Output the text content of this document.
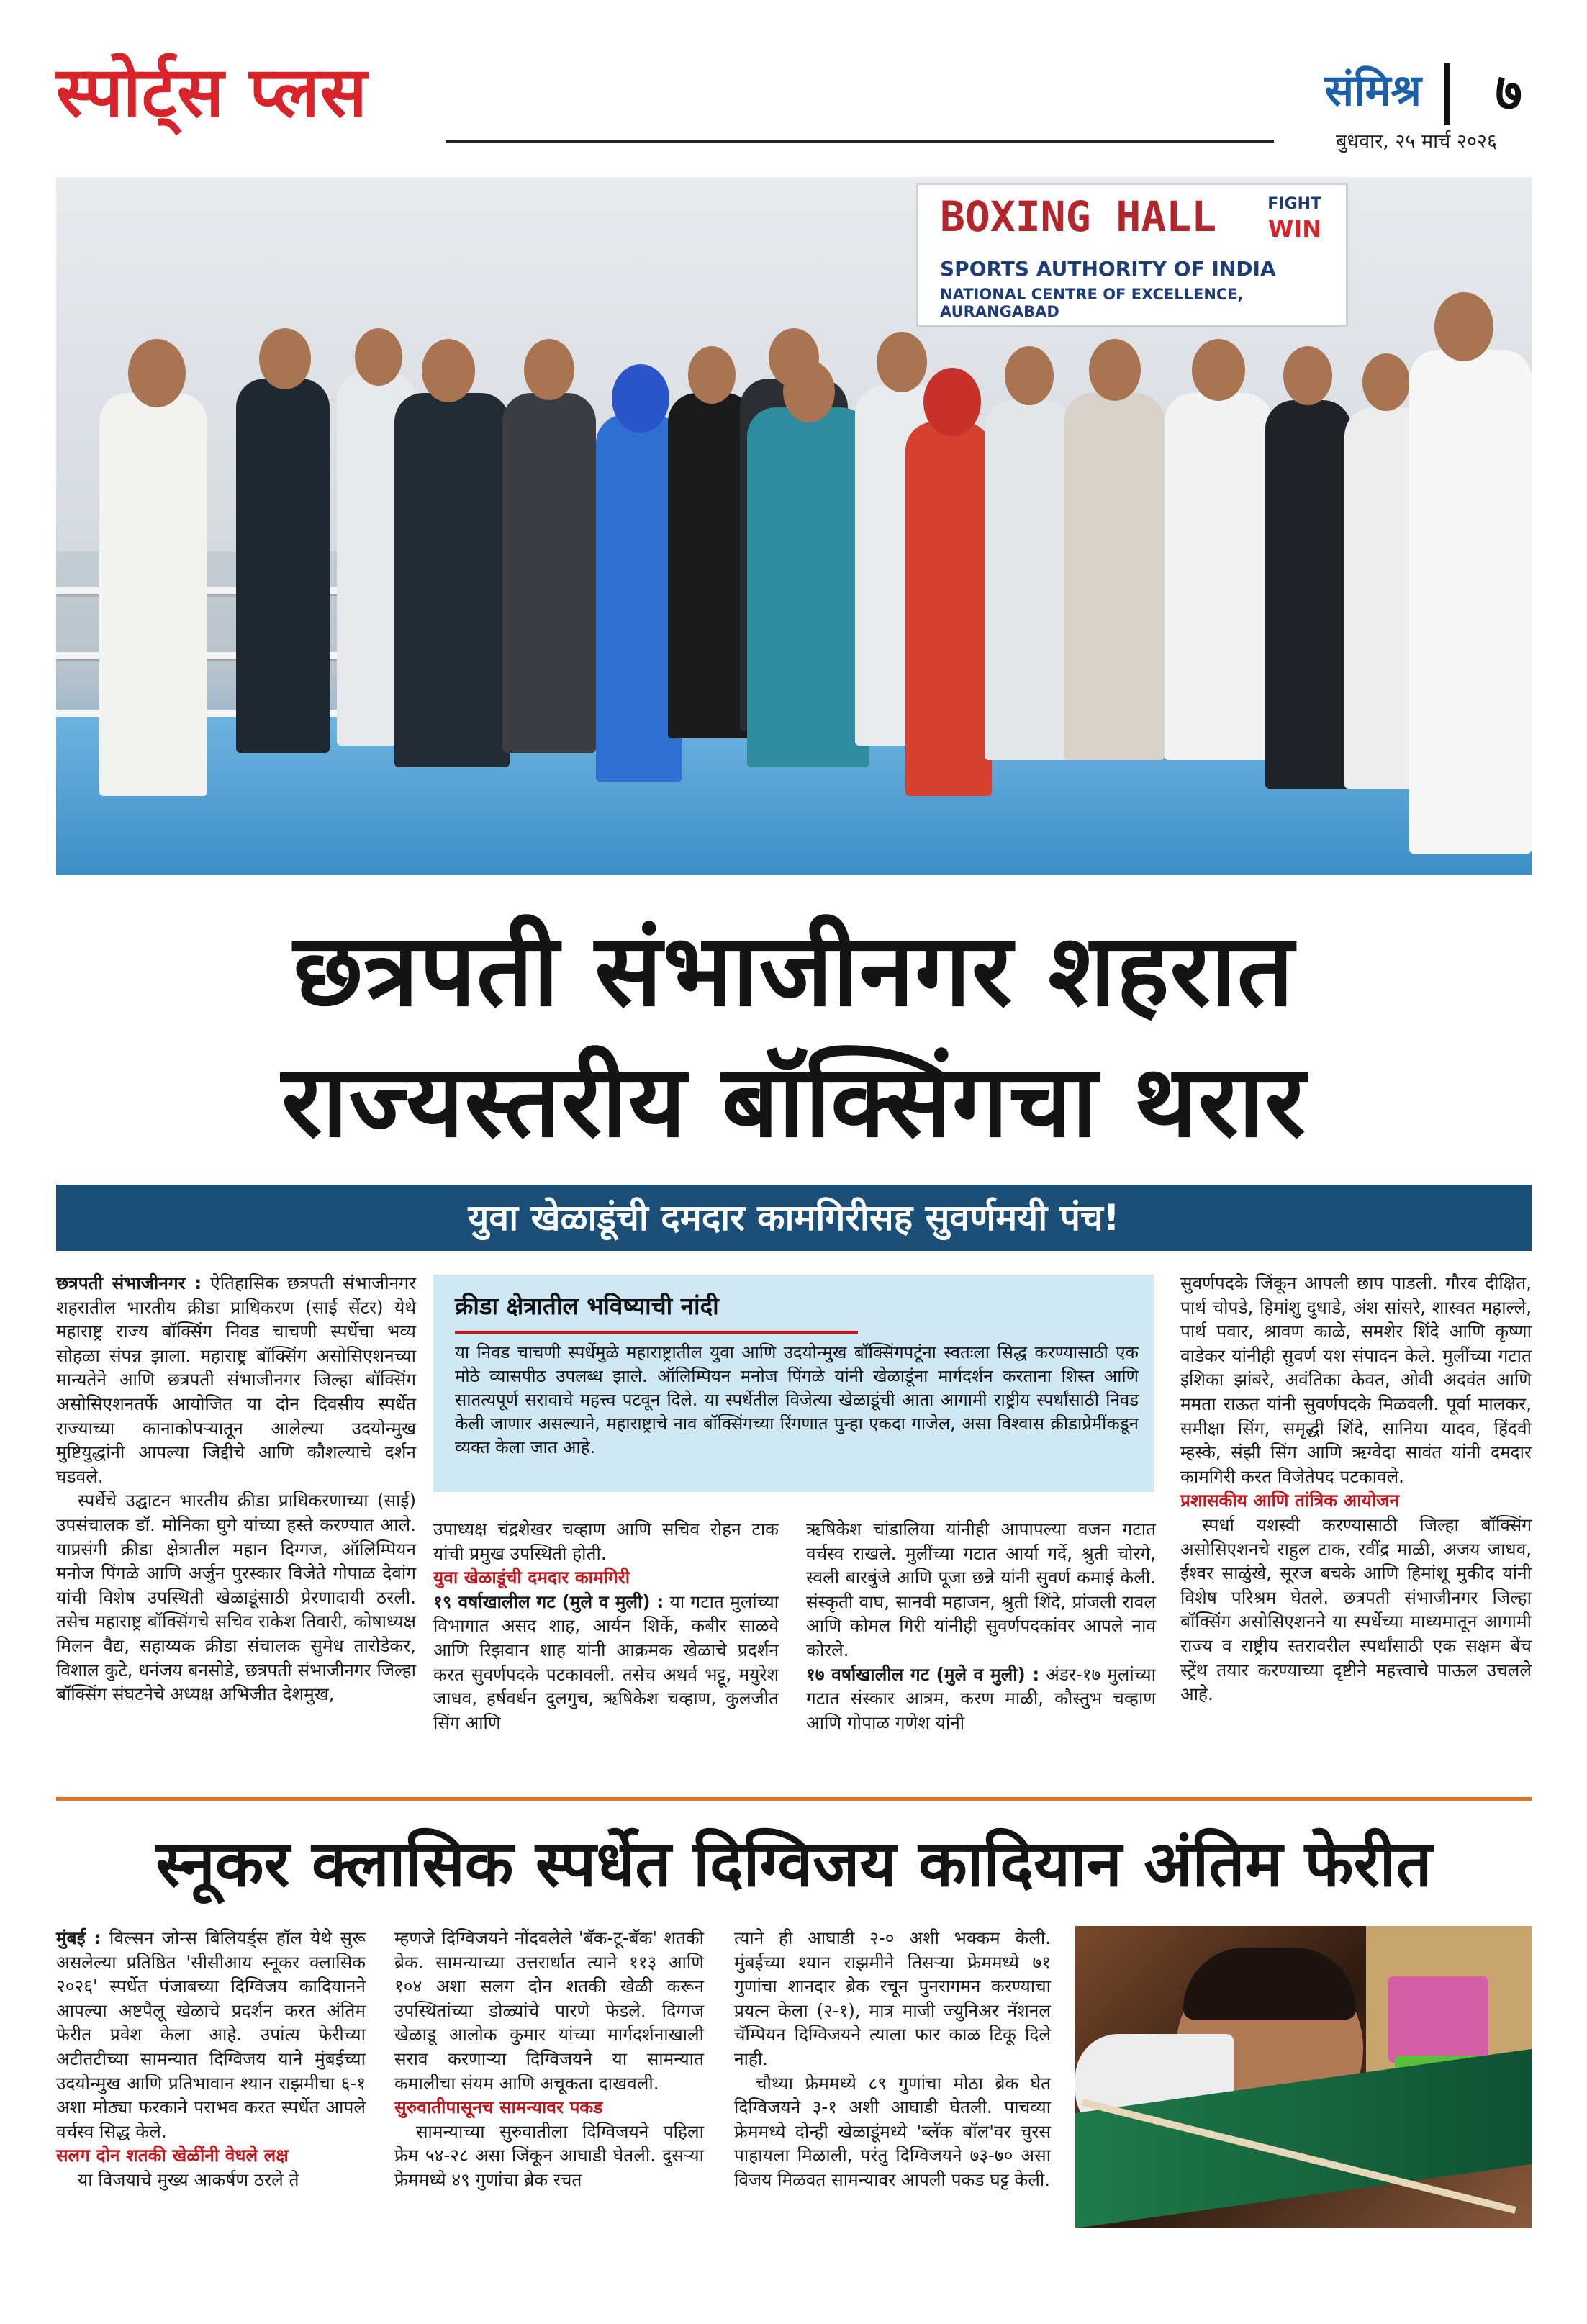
स्पोर्ट्स प्लस	संमिश्र ७
बुधवार, २५ मार्च २०२६
BOXING HALL
SPORTS AUTHORITY OF INDIA
NATIONAL CENTRE OF EXCELLENCE, AURANGABAD
FIGHT
WIN
छत्रपती संभाजीनगर शहरात
राज्यस्तरीय बॉक्सिंगचा थरार
युवा खेळाडूंची दमदार कामगिरीसह सुवर्णमयी पंच!

छत्रपती संभाजीनगर : ऐतिहासिक छत्रपती संभाजीनगर शहरातील भारतीय क्रीडा प्राधिकरण (साई सेंटर) येथे महाराष्ट्र राज्य बॉक्सिंग निवड चाचणी स्पर्धेचा भव्य सोहळा संपन्न झाला. महाराष्ट्र बॉक्सिंग असोसिएशनच्या मान्यतेने आणि छत्रपती संभाजीनगर जिल्हा बॉक्सिंग असोसिएशनतर्फे आयोजित या दोन दिवसीय स्पर्धेत राज्याच्या कानाकोपऱ्यातून आलेल्या उदयोन्मुख मुष्टियुद्धांनी आपल्या जिद्दीचे आणि कौशल्याचे दर्शन घडवले.

स्पर्धेचे उद्घाटन भारतीय क्रीडा प्राधिकरणाच्या (साई) उपसंचालक डॉ. मोनिका घुगे यांच्या हस्ते करण्यात आले. याप्रसंगी क्रीडा क्षेत्रातील महान दिग्गज, ऑलिम्पियन मनोज पिंगळे आणि अर्जुन पुरस्कार विजेते गोपाळ देवांग यांची विशेष उपस्थिती खेळाडूंसाठी प्रेरणादायी ठरली. तसेच महाराष्ट्र बॉक्सिंगचे सचिव राकेश तिवारी, कोषाध्यक्ष मिलन वैद्य, सहाय्यक क्रीडा संचालक सुमेध तारोडेकर, विशाल कुटे, धनंजय बनसोडे, छत्रपती संभाजीनगर जिल्हा बॉक्सिंग संघटनेचे अध्यक्ष अभिजीत देशमुख,

क्रीडा क्षेत्रातील भविष्याची नांदी
या निवड चाचणी स्पर्धेमुळे महाराष्ट्रातील युवा आणि उदयोन्मुख बॉक्सिंगपटूंना स्वतःला सिद्ध करण्यासाठी एक मोठे व्यासपीठ उपलब्ध झाले. ऑलिम्पियन मनोज पिंगळे यांनी खेळाडूंना मार्गदर्शन करताना शिस्त आणि सातत्यपूर्ण सरावाचे महत्त्व पटवून दिले. या स्पर्धेतील विजेत्या खेळाडूंची आता आगामी राष्ट्रीय स्पर्धांसाठी निवड केली जाणार असल्याने, महाराष्ट्राचे नाव बॉक्सिंगच्या रिंगणात पुन्हा एकदा गाजेल, असा विश्वास क्रीडाप्रेमींकडून व्यक्त केला जात आहे.

उपाध्यक्ष चंद्रशेखर चव्हाण आणि सचिव रोहन टाक यांची प्रमुख उपस्थिती होती.

युवा खेळाडूंची दमदार कामगिरी

१९ वर्षाखालील गट (मुले व मुली) : या गटात मुलांच्या विभागात असद शाह, आर्यन शिर्के, कबीर साळवे आणि रिझवान शाह यांनी आक्रमक खेळाचे प्रदर्शन करत सुवर्णपदके पटकावली. तसेच अथर्व भट्टू, मयुरेश जाधव, हर्षवर्धन दुलगुच, ऋषिकेश चव्हाण, कुलजीत सिंग आणि

ऋषिकेश चांडालिया यांनीही आपापल्या वजन गटात वर्चस्व राखले. मुलींच्या गटात आर्या गर्दे, श्रुती चोरगे, स्वली बारबुंजे आणि पूजा छन्ने यांनी सुवर्ण कमाई केली. संस्कृती वाघ, सानवी महाजन, श्रुती शिंदे, प्रांजली रावल आणि कोमल गिरी यांनीही सुवर्णपदकांवर आपले नाव कोरले.

१७ वर्षाखालील गट (मुले व मुली) : अंडर-१७ मुलांच्या गटात संस्कार आत्रम, करण माळी, कौस्तुभ चव्हाण आणि गोपाळ गणेश यांनी

सुवर्णपदके जिंकून आपली छाप पाडली. गौरव दीक्षित, पार्थ चोपडे, हिमांशु दुधाडे, अंश सांसरे, शास्वत महाल्ले, पार्थ पवार, श्रावण काळे, समशेर शिंदे आणि कृष्णा वाडेकर यांनीही सुवर्ण यश संपादन केले. मुलींच्या गटात इशिका झांबरे, अवंतिका केवत, ओवी अदवंत आणि ममता राऊत यांनी सुवर्णपदके मिळवली. पूर्वा मालकर, समीक्षा सिंग, समृद्धी शिंदे, सानिया यादव, हिंदवी म्हस्के, संझी सिंग आणि ऋग्वेदा सावंत यांनी दमदार कामगिरी करत विजेतेपद पटकावले.

प्रशासकीय आणि तांत्रिक आयोजन

स्पर्धा यशस्वी करण्यासाठी जिल्हा बॉक्सिंग असोसिएशनचे राहुल टाक, रवींद्र माळी, अजय जाधव, ईश्वर साळुंखे, सूरज बचके आणि हिमांशू मुकीद यांनी विशेष परिश्रम घेतले. छत्रपती संभाजीनगर जिल्हा बॉक्सिंग असोसिएशनने या स्पर्धेच्या माध्यमातून आगामी राज्य व राष्ट्रीय स्तरावरील स्पर्धांसाठी एक सक्षम बेंच स्ट्रेंथ तयार करण्याच्या दृष्टीने महत्त्वाचे पाऊल उचलले आहे.

स्नूकर क्लासिक स्पर्धेत दिग्विजय कादियान अंतिम फेरीत

मुंबई : विल्सन जोन्स बिलियर्ड्स हॉल येथे सुरू असलेल्या प्रतिष्ठित 'सीसीआय स्नूकर क्लासिक २०२६' स्पर्धेत पंजाबच्या दिग्विजय कादियानने आपल्या अष्टपैलू खेळाचे प्रदर्शन करत अंतिम फेरीत प्रवेश केला आहे. उपांत्य फेरीच्या अटीतटीच्या सामन्यात दिग्विजय याने मुंबईच्या उदयोन्मुख आणि प्रतिभावान श्यान राझमीचा ६-१ अशा मोठ्या फरकाने पराभव करत स्पर्धेत आपले वर्चस्व सिद्ध केले.

सलग दोन शतकी खेळींनी वेधले लक्ष

या विजयाचे मुख्य आकर्षण ठरले ते

म्हणजे दिग्विजयने नोंदवलेले 'बॅक-टू-बॅक' शतकी ब्रेक. सामन्याच्या उत्तरार्धात त्याने ११३ आणि १०४ अशा सलग दोन शतकी खेळी करून उपस्थितांच्या डोळ्यांचे पारणे फेडले. दिग्गज खेळाडू आलोक कुमार यांच्या मार्गदर्शनाखाली सराव करणाऱ्या दिग्विजयने या सामन्यात कमालीचा संयम आणि अचूकता दाखवली.

सुरुवातीपासूनच सामन्यावर पकड

सामन्याच्या सुरुवातीला दिग्विजयने पहिला फ्रेम ५४-२८ असा जिंकून आघाडी घेतली. दुसऱ्या फ्रेममध्ये ४९ गुणांचा ब्रेक रचत

त्याने ही आघाडी २-० अशी भक्कम केली. मुंबईच्या श्यान राझमीने तिसऱ्या फ्रेममध्ये ७१ गुणांचा शानदार ब्रेक रचून पुनरागमन करण्याचा प्रयत्न केला (२-१), मात्र माजी ज्युनिअर नॅशनल चॅम्पियन दिग्विजयने त्याला फार काळ टिकू दिले नाही.

चौथ्या फ्रेममध्ये ८९ गुणांचा मोठा ब्रेक घेत दिग्विजयने ३-१ अशी आघाडी घेतली. पाचव्या फ्रेममध्ये दोन्ही खेळाडूंमध्ये 'ब्लॅक बॉल'वर चुरस पाहायला मिळाली, परंतु दिग्विजयने ७३-७० असा विजय मिळवत सामन्यावर आपली पकड घट्ट केली.
